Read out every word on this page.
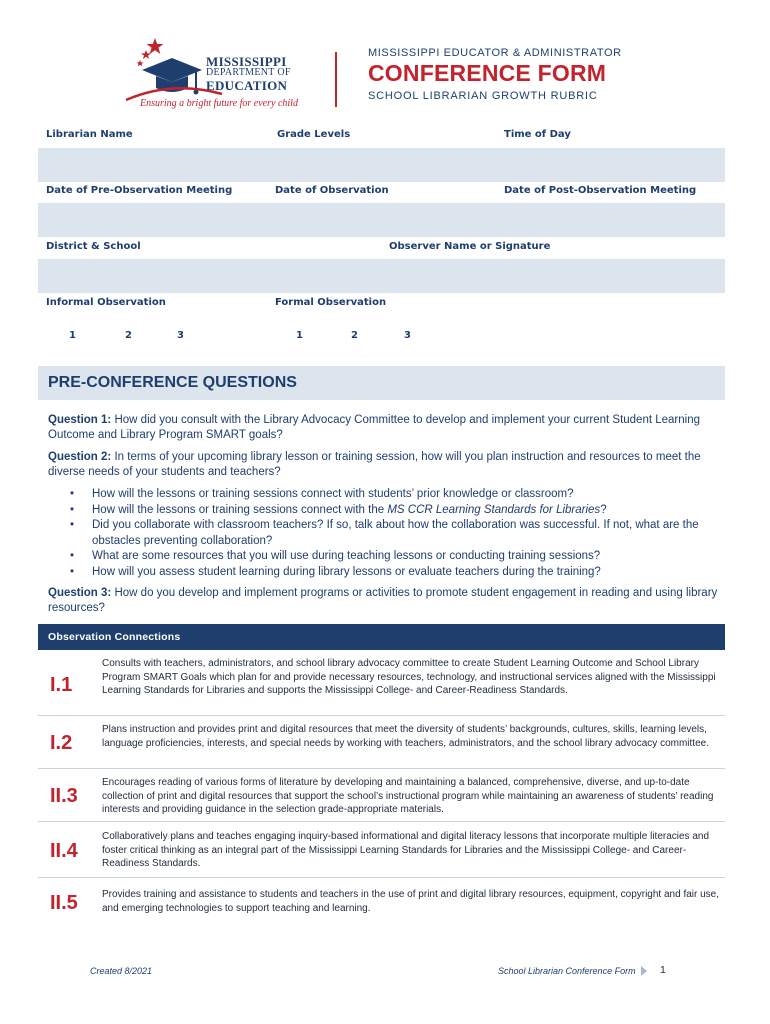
MISSISSIPPI
DEPARTMENT OF
EDUCATION
Ensuring a bright future for every child
MISSISSIPPI EDUCATOR & ADMINISTRATOR
CONFERENCE FORM
SCHOOL LIBRARIAN GROWTH RUBRIC
Librarian Name	Grade Levels	Time of Day
Date of Pre-Observation Meeting	Date of Observation	Date of Post-Observation Meeting
District & School	Observer Name or Signature
Informal Observation	Formal Observation
1	2	3	1	2	3
PRE-CONFERENCE QUESTIONS
Question 1: How did you consult with the Library Advocacy Committee to develop and implement your current Student Learning Outcome and Library Program SMART goals?
Question 2: In terms of your upcoming library lesson or training session, how will you plan instruction and resources to meet the diverse needs of your students and teachers?
• How will the lessons or training sessions connect with students’ prior knowledge or classroom?
• How will the lessons or training sessions connect with the MS CCR Learning Standards for Libraries?
• Did you collaborate with classroom teachers? If so, talk about how the collaboration was successful. If not, what are the obstacles preventing collaboration?
• What are some resources that you will use during teaching lessons or conducting training sessions?
• How will you assess student learning during library lessons or evaluate teachers during the training?
Question 3: How do you develop and implement programs or activities to promote student engagement in reading and using library resources?
Observation Connections
I.1
Consults with teachers, administrators, and school library advocacy committee to create Student Learning Outcome and School Library Program SMART Goals which plan for and provide necessary resources, technology, and instructional services aligned with the Mississippi Learning Standards for Libraries and supports the Mississippi College- and Career-Readiness Standards.
I.2
Plans instruction and provides print and digital resources that meet the diversity of students’ backgrounds, cultures, skills, learning levels, language proficiencies, interests, and special needs by working with teachers, administrators, and the school library advocacy committee.
II.3
Encourages reading of various forms of literature by developing and maintaining a balanced, comprehensive, diverse, and up-to-date collection of print and digital resources that support the school’s instructional program while maintaining an awareness of students’ reading interests and providing guidance in the selection grade-appropriate materials.
II.4
Collaboratively plans and teaches engaging inquiry-based informational and digital literacy lessons that incorporate multiple literacies and foster critical thinking as an integral part of the Mississippi Learning Standards for Libraries and the Mississippi College- and Career-Readiness Standards.
II.5 Provides training and assistance to students and teachers in the use of print and digital library resources, equipment, copyright and fair use, and emerging technologies to support teaching and learning.
Created 8/2021	School Librarian Conference Form 1
